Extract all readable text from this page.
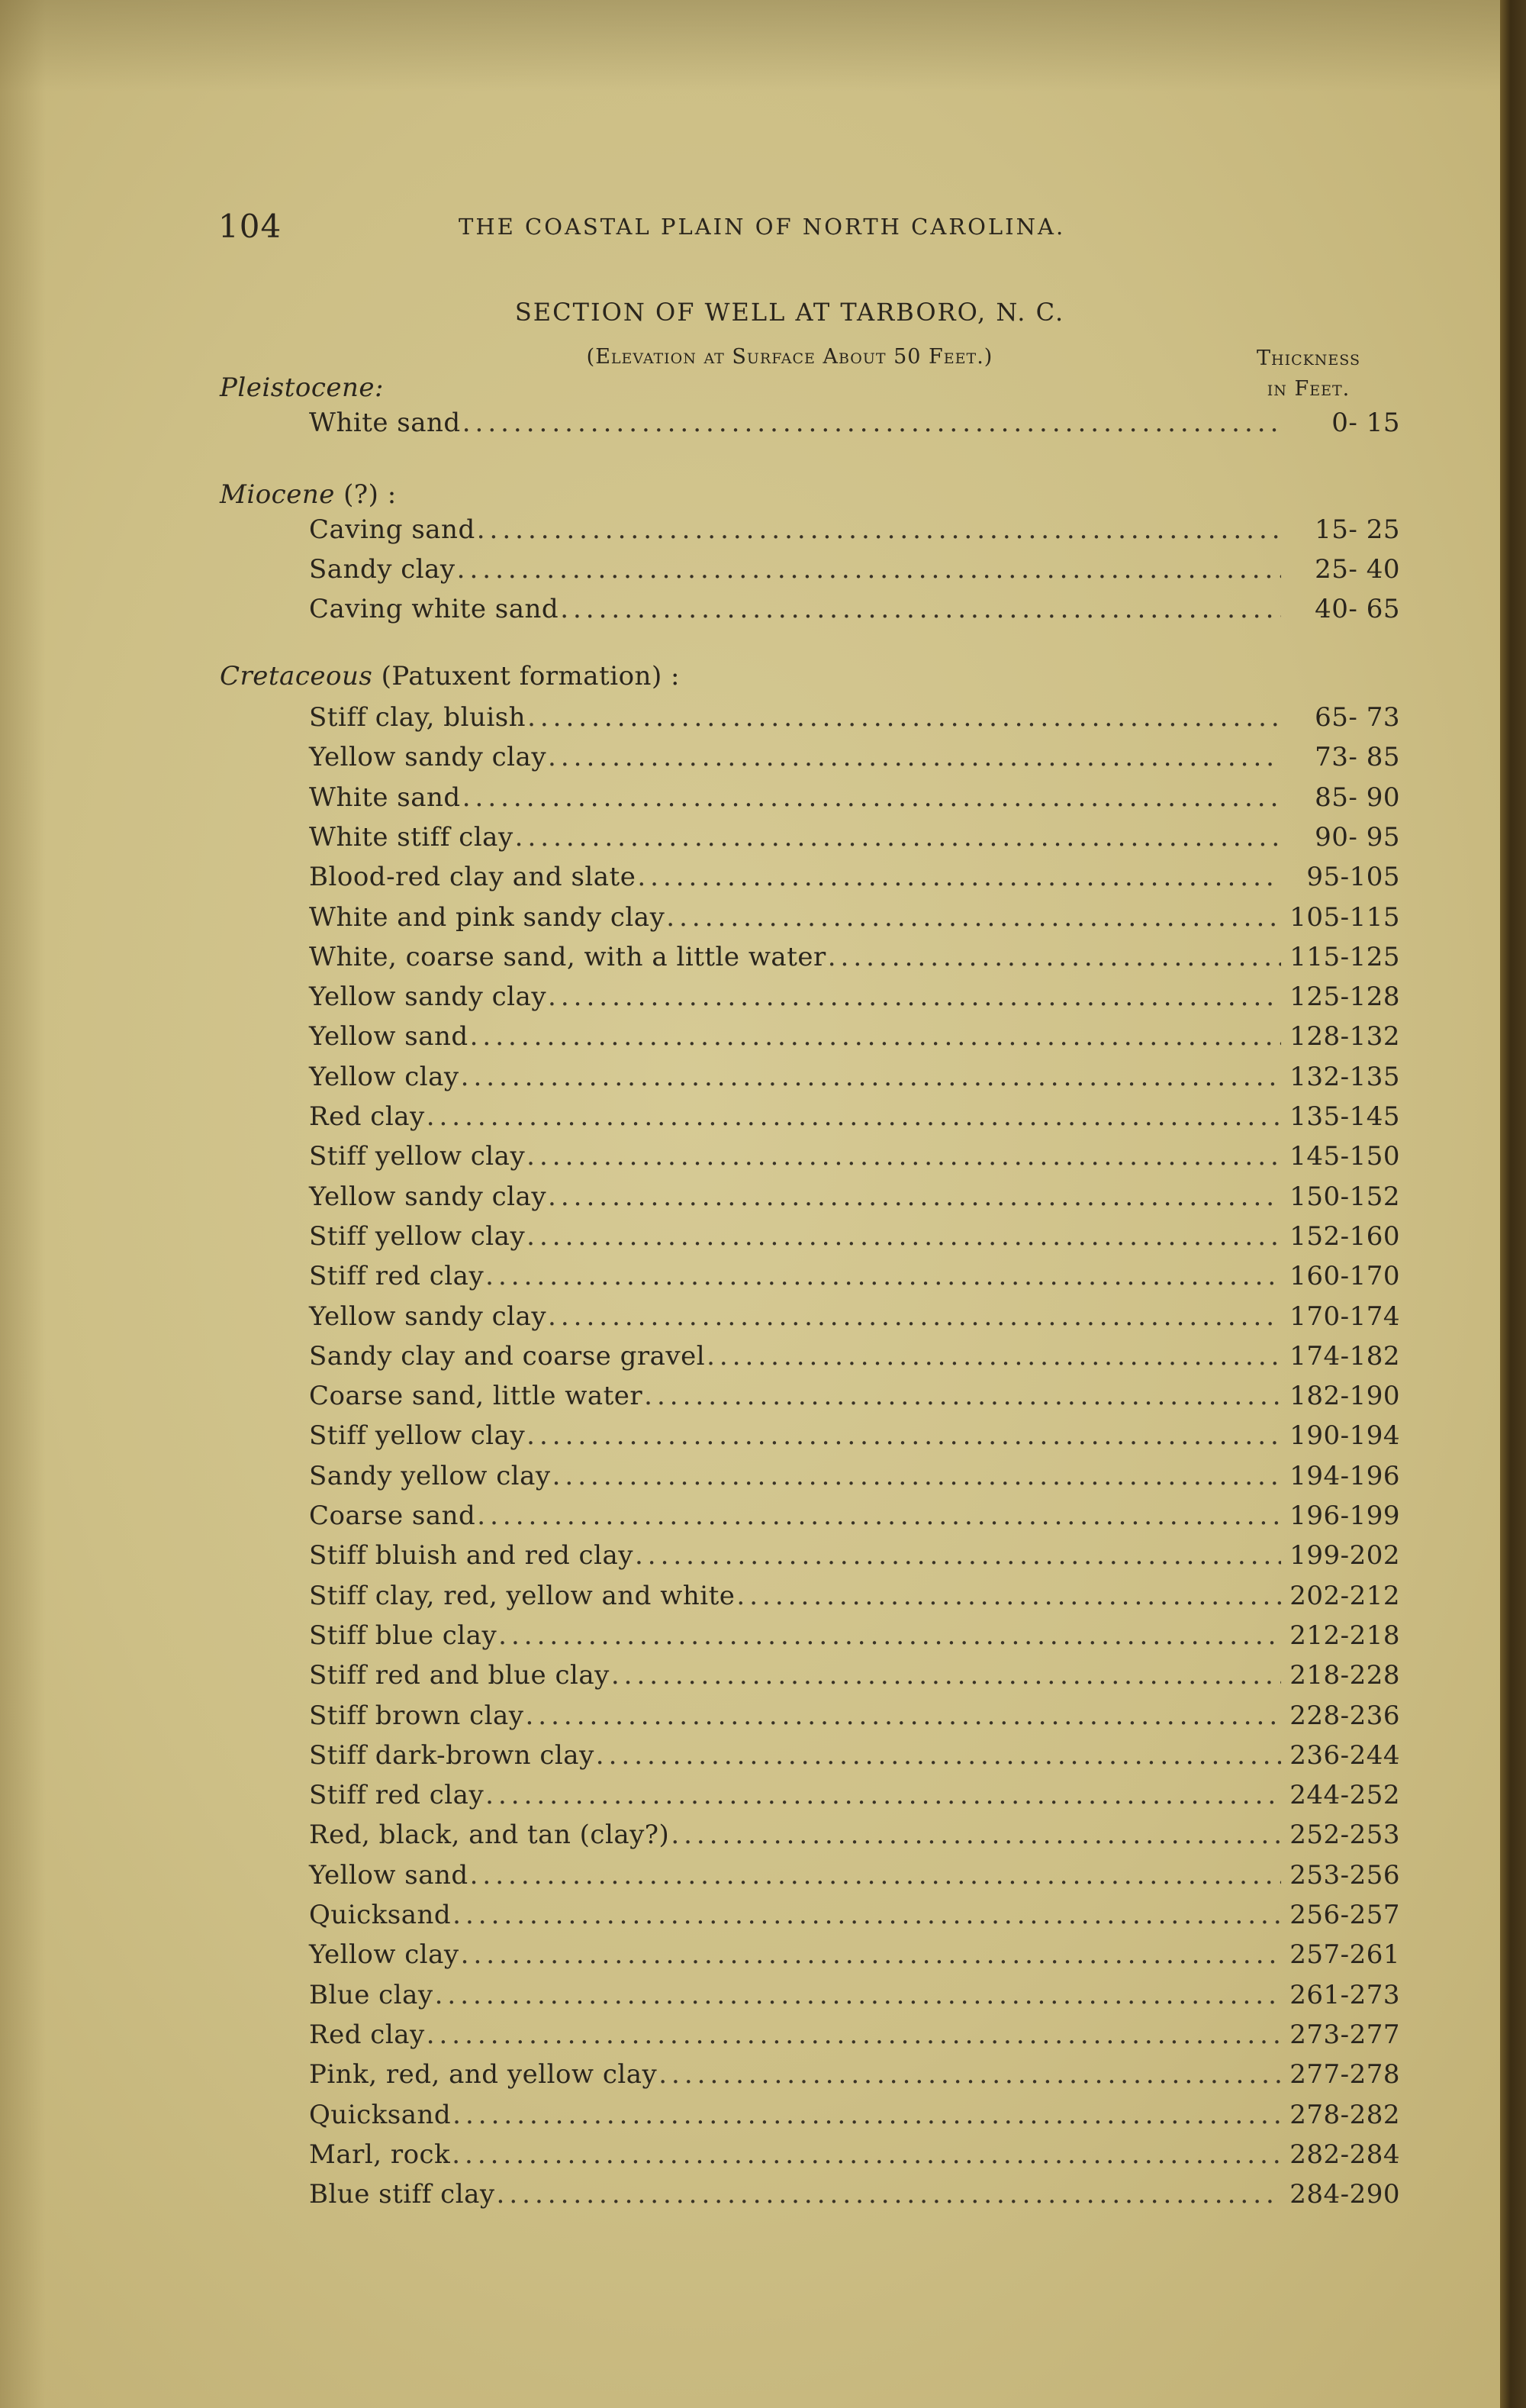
104	THE COASTAL PLAIN OF NORTH CAROLINA.
SECTION OF WELL AT TARBORO, N. C.
(Elevation at Surface About 50 Feet.)	Thickness
in Feet.
Pleistocene:
White sand .....	0- 15
Miocene (?) :
Caving sand .....	15- 25
Sandy clay .....	25- 40
Caving white sand .....	40- 65
Cretaceous (Patuxent formation) :
Stiff clay, bluish .....	65- 73
Yellow sandy clay .....	73- 85
White sand .....	85- 90
White stiff clay .....	90- 95
Blood-red clay and slate .....	95-105
White and pink sandy clay .....	105-115
White, coarse sand, with a little water .....	115-125
Yellow sandy clay .....	125-128
Yellow sand .....	128-132
Yellow clay .....	132-135
Red clay .....	135-145
Stiff yellow clay .....	145-150
Yellow sandy clay .....	150-152
Stiff yellow clay .....	152-160
Stiff red clay .....	160-170
Yellow sandy clay .....	170-174
Sandy clay and coarse gravel .....	174-182
Coarse sand, little water .....	182-190
Stiff yellow clay .....	190-194
Sandy yellow clay .....	194-196
Coarse sand .....	196-199
Stiff bluish and red clay .....	199-202
Stiff clay, red, yellow and white .....	202-212
Stiff blue clay .....	212-218
Stiff red and blue clay .....	218-228
Stiff brown clay .....	228-236
Stiff dark-brown clay .....	236-244
Stiff red clay .....	244-252
Red, black, and tan (clay?) .....	252-253
Yellow sand .....	253-256
Quicksand .....	256-257
Yellow clay .....	257-261
Blue clay .....	261-273
Red clay .....	273-277
Pink, red, and yellow clay .....	277-278
Quicksand .....	278-282
Marl, rock .....	282-284
Blue stiff clay .....	284-290
